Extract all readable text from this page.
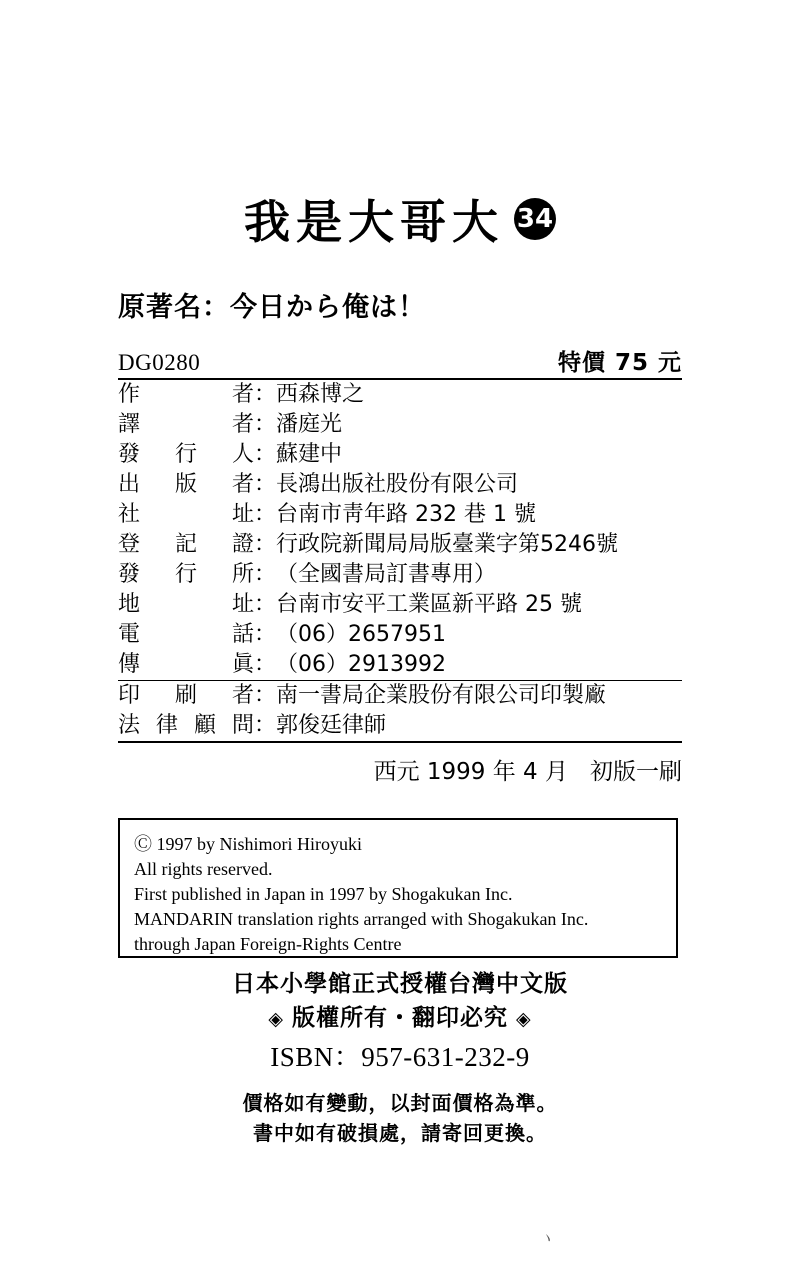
我是大哥大 34
原著名：今日から俺は！
DG0280	特價 75 元
作	者 ： 西森博之
譯	者 ： 潘庭光
發 行 人 ： 蘇建中
出 版 者 ： 長鴻出版社股份有限公司
社	址 ： 台南市靑年路 232 巷 1 號
登 記 證 ： 行政院新聞局局版臺業字第5246號
發 行 所 ： （全國書局訂書專用）
地	址 ： 台南市安平工業區新平路 25 號
電	話 ： （06）2657951
傳	眞 ： （06）2913992
印 刷 者 ： 南一書局企業股份有限公司印製廠
法 律 顧 問 ： 郭俊廷律師
西元 1999 年 4 月 初版一刷
Ⓒ 1997 by Nishimori Hiroyuki
All rights reserved.
First published in Japan in 1997 by Shogakukan Inc.
MANDARIN translation rights arranged with Shogakukan Inc.
through Japan Foreign-Rights Centre
日本小學館正式授權台灣中文版
◈ 版權所有・翻印必究 ◈
ISBN：957-631-232-9
價格如有變動，以封面價格為準。
書中如有破損處，請寄回更換。
丶
